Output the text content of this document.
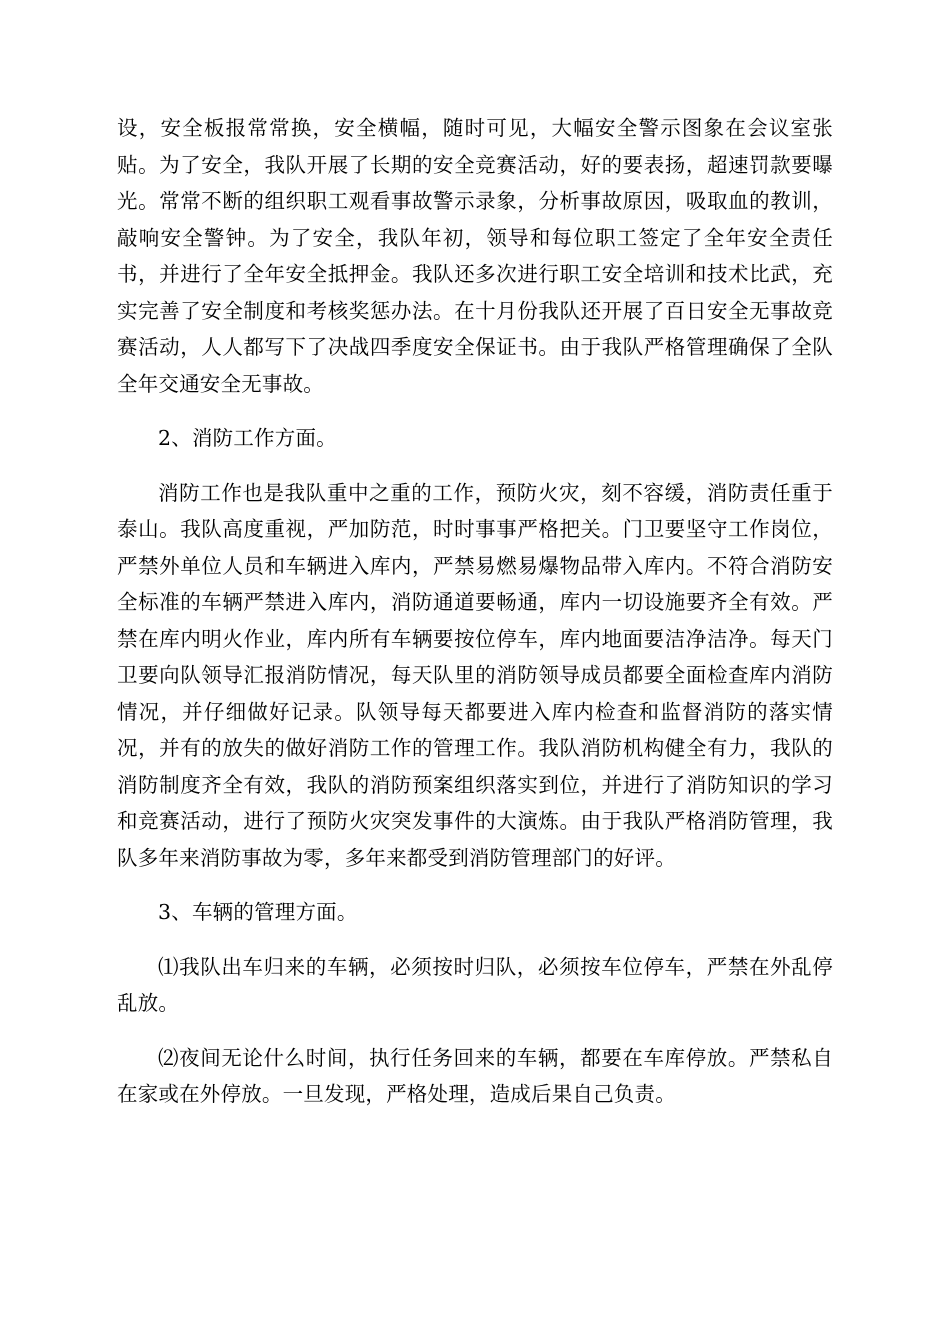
设，安全板报常常换，安全横幅，随时可见，大幅安全警示图象在会议室张贴。为了安全，我队开展了长期的安全竞赛活动，好的要表扬，超速罚款要曝光。常常不断的组织职工观看事故警示录象，分析事故原因，吸取血的教训，敲响安全警钟。为了安全，我队年初，领导和每位职工签定了全年安全责任书，并进行了全年安全抵押金。我队还多次进行职工安全培训和技术比武，充实完善了安全制度和考核奖惩办法。在十月份我队还开展了百日安全无事故竞赛活动，人人都写下了决战四季度安全保证书。由于我队严格管理确保了全队全年交通安全无事故。

2、消防工作方面。

消防工作也是我队重中之重的工作，预防火灾，刻不容缓，消防责任重于泰山。我队高度重视，严加防范，时时事事严格把关。门卫要坚守工作岗位，严禁外单位人员和车辆进入库内，严禁易燃易爆物品带入库内。不符合消防安全标准的车辆严禁进入库内，消防通道要畅通，库内一切设施要齐全有效。严禁在库内明火作业，库内所有车辆要按位停车，库内地面要洁净洁净。每天门卫要向队领导汇报消防情况，每天队里的消防领导成员都要全面检查库内消防情况，并仔细做好记录。队领导每天都要进入库内检查和监督消防的落实情况，并有的放失的做好消防工作的管理工作。我队消防机构健全有力，我队的消防制度齐全有效，我队的消防预案组织落实到位，并进行了消防知识的学习和竞赛活动，进行了预防火灾突发事件的大演炼。由于我队严格消防管理，我队多年来消防事故为零，多年来都受到消防管理部门的好评。

3、车辆的管理方面。

⑴我队出车归来的车辆，必须按时归队，必须按车位停车，严禁在外乱停乱放。

⑵夜间无论什么时间，执行任务回来的车辆，都要在车库停放。严禁私自在家或在外停放。一旦发现，严格处理，造成后果自己负责。
